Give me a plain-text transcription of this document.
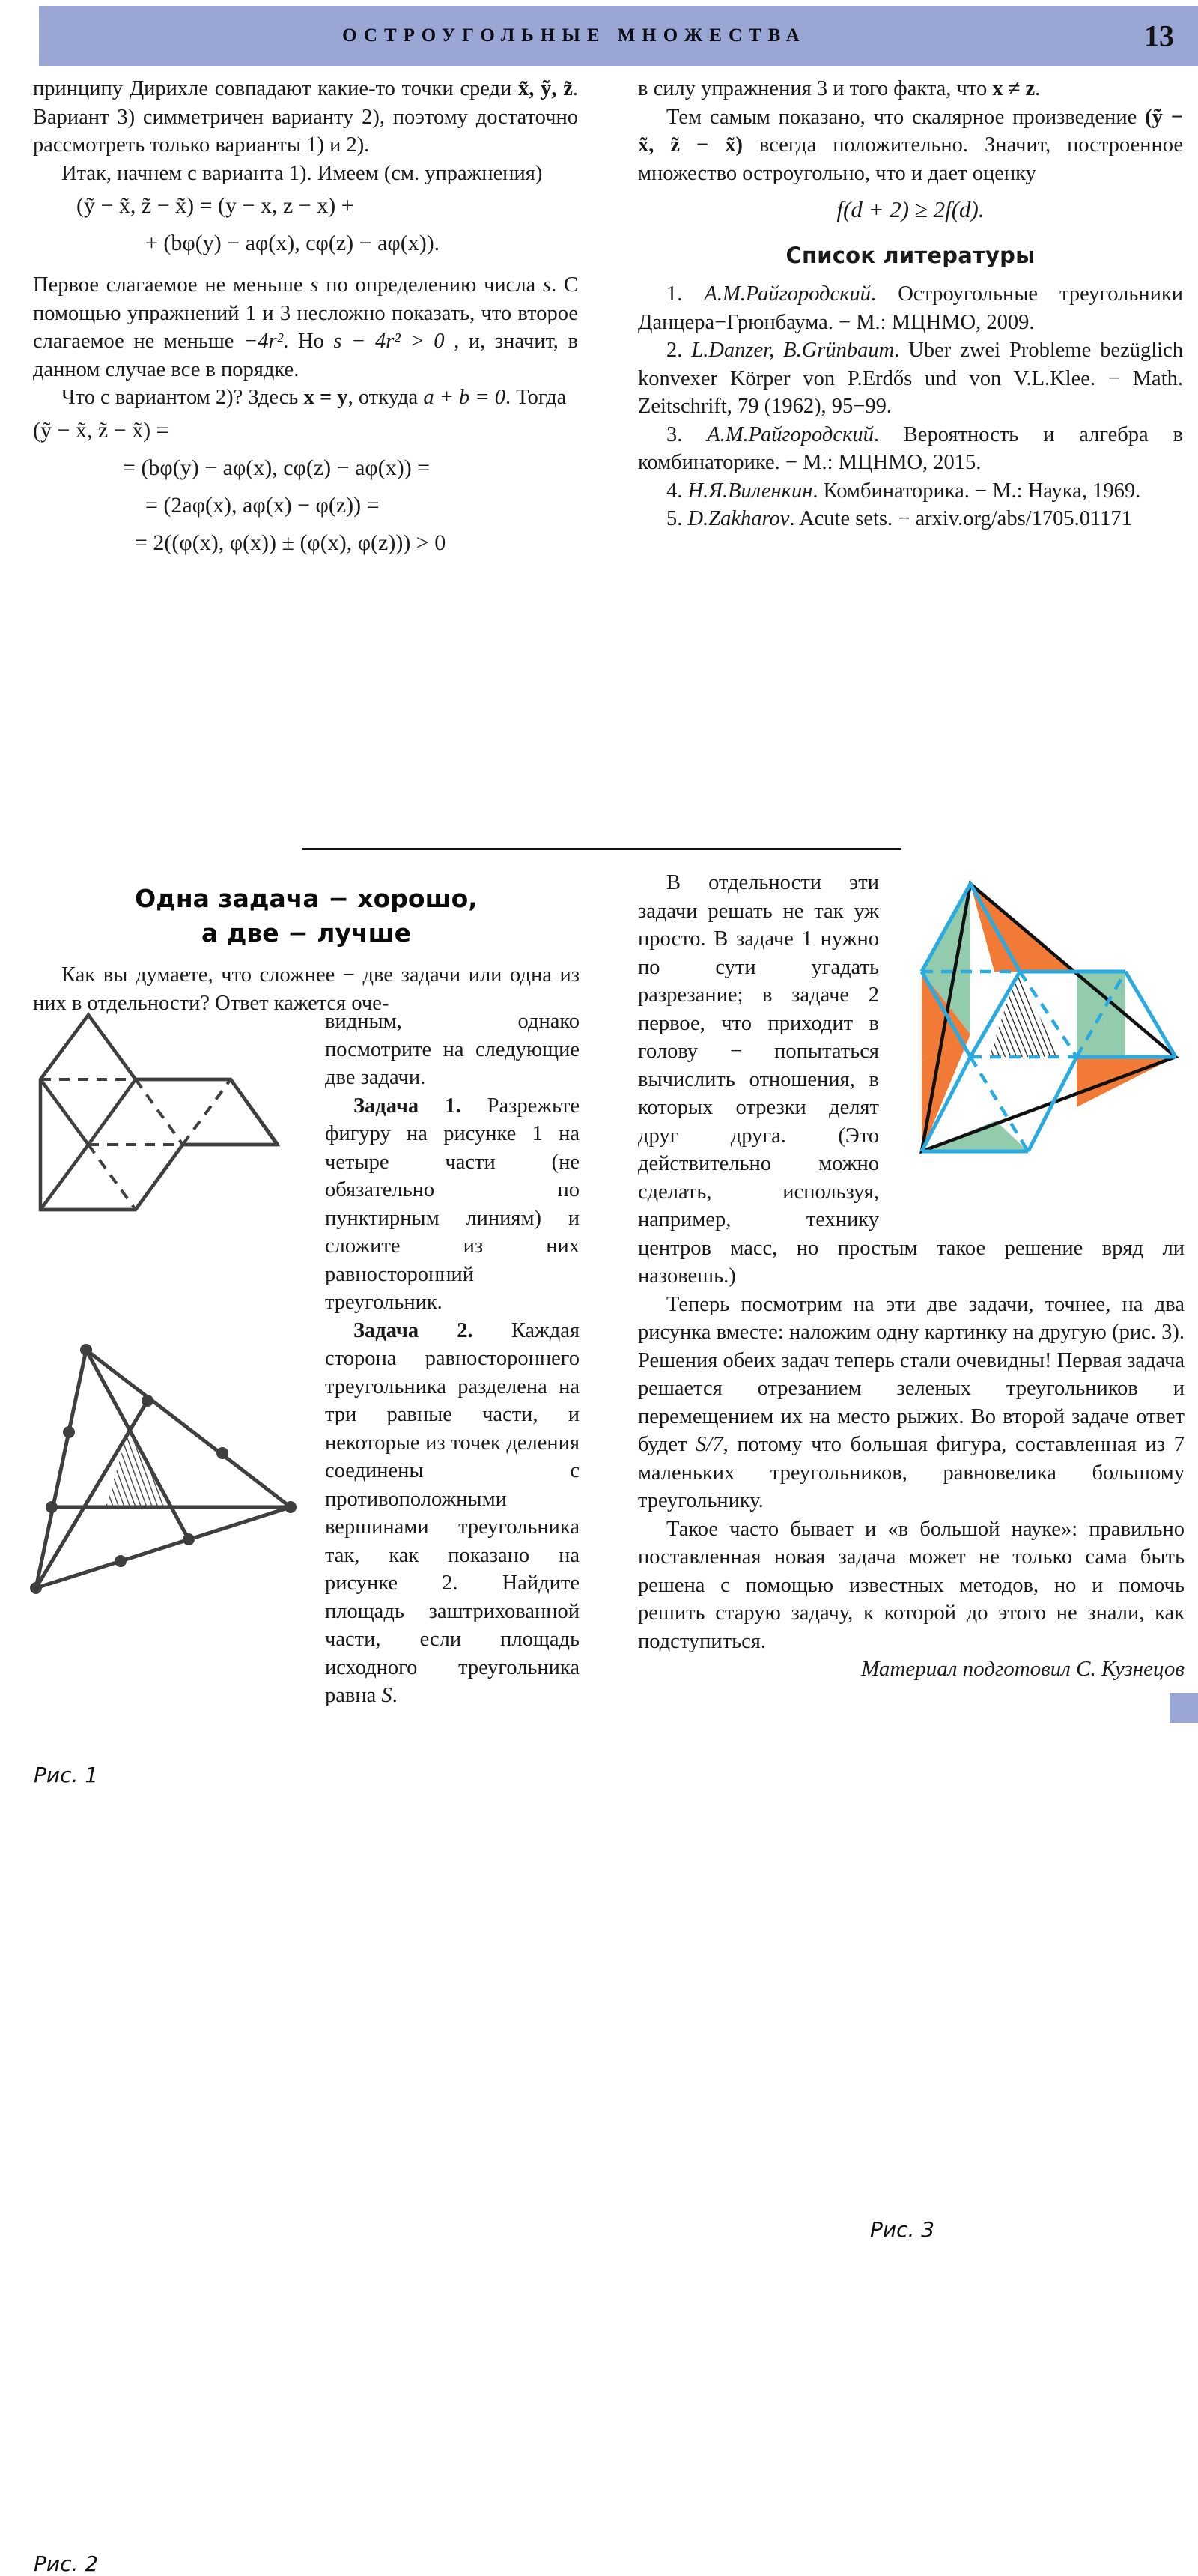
ОСТРОУГОЛЬНЫЕ МНОЖЕСТВА	13

принципу Дирихле совпадают какие-то точки среди x̃, ỹ, z̃. Вариант 3) симметричен варианту 2), поэтому достаточно рассмотреть только варианты 1) и 2).

Итак, начнем с варианта 1). Имеем (см. упражнения)

(ỹ − x̃, z̃ − x̃) = (y − x, z − x) +
+ (bφ(y) − aφ(x), cφ(z) − aφ(x)).

Первое слагаемое не меньше s по определению числа s. С помощью упражнений 1 и 3 несложно показать, что второе слагаемое не меньше −4r². Но s − 4r² > 0 , и, значит, в данном случае все в порядке.

Что с вариантом 2)? Здесь x = y, откуда a + b = 0. Тогда

(ỹ − x̃, z̃ − x̃) =
= (bφ(y) − aφ(x), cφ(z) − aφ(x)) =
= (2aφ(x), aφ(x) − φ(z)) =
= 2((φ(x), φ(x)) ± (φ(x), φ(z))) > 0

в силу упражнения 3 и того факта, что x ≠ z.

Тем самым показано, что скалярное произведение (ỹ − x̃, z̃ − x̃) всегда положительно. Значит, построенное множество остроугольно, что и дает оценку

f(d + 2) ≥ 2f(d).
Список литературы

1. А.М.Райгородский. Остроугольные треугольники Данцера−Грюнбаума. − М.: МЦНМО, 2009.

2. L.Danzer, B.Grünbaum. Uber zwei Probleme bezüglich konvexer Körper von P.Erdős und von V.L.Klee. − Math. Zeitschrift, 79 (1962), 95−99.

3. А.М.Райгородский. Вероятность и алгебра в комбинаторике. − М.: МЦНМО, 2015.

4. Н.Я.Виленкин. Комбинаторика. − М.: Наука, 1969.

5. D.Zakharov. Acute sets. − arxiv.org/abs/1705.01171

Одна задача − хорошо,
а две − лучше
Как вы думаете, что сложнее − две задачи или одна из них в отдельности? Ответ кажется оче-
Рис. 1
Рис. 2

видным, однако посмотрите на следующие две задачи.

Задача 1. Разрежьте фигуру на рисунке 1 на четыре части (не обязательно по пунктирным линиям) и сложите из них равносторонний треугольник.

Задача 2. Каждая сторона равностороннего треугольника разделена на три равные части, и некоторые из точек деления соединены с противоположными вершинами треугольника так, как показано на рисунке 2. Найдите площадь заштрихованной части, если площадь исходного треугольника равна S.

В отдельности эти задачи решать не так уж просто. В задаче 1 нужно по сути угадать разрезание; в задаче 2 первое, что приходит в голову − попытаться вычислить отношения, в которых отрезки делят друг друга. (Это действительно можно сделать, используя, например, технику центров масс, но простым такое решение вряд ли назовешь.)

Теперь посмотрим на эти две задачи, точнее, на два рисунка вместе: наложим одну картинку на другую (рис. 3). Решения обеих задач теперь стали очевидны! Первая задача решается отрезанием зеленых треугольников и перемещением их на место рыжих. Во второй задаче ответ будет S/7, потому что большая фигура, составленная из 7 маленьких треугольников, равновелика большому треугольнику.

Такое часто бывает и «в большой науке»: правильно поставленная новая задача может не только сама быть решена с помощью известных методов, но и помочь решить старую задачу, к которой до этого не знали, как подступиться.

Материал подготовил С. Кузнецов

Рис. 3
